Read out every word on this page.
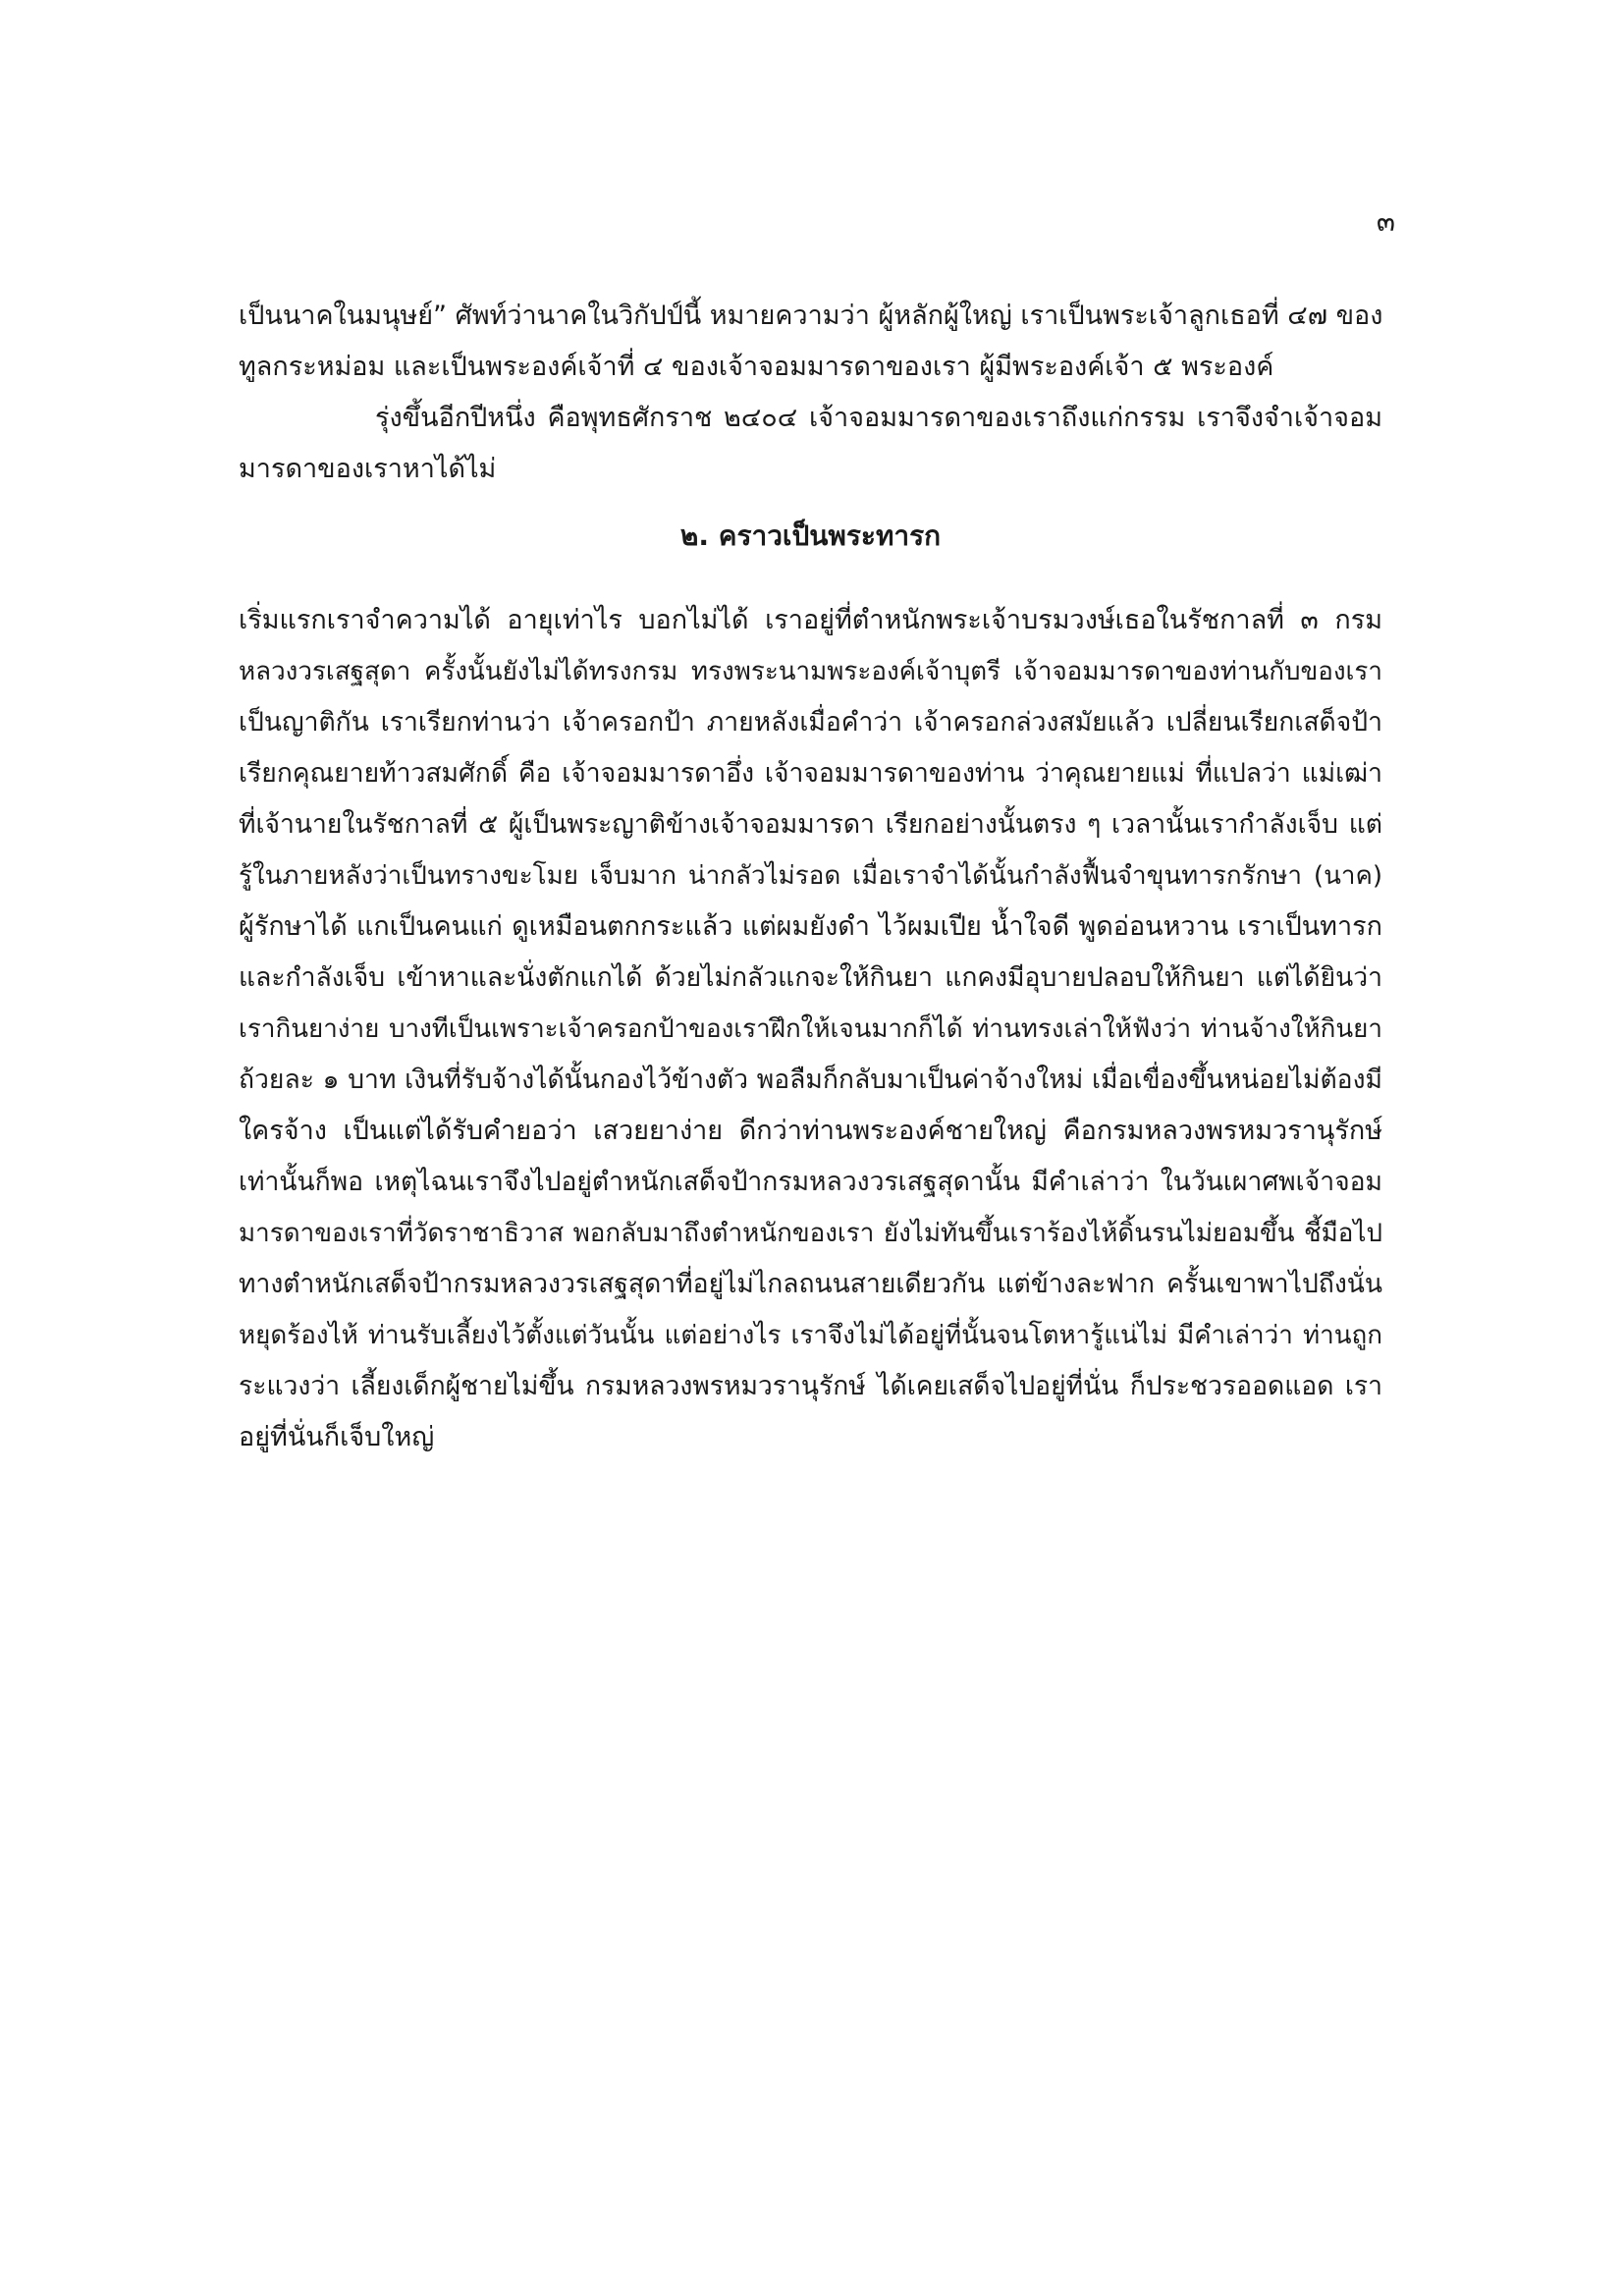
๓
เป็นนาคในมนุษย์” ศัพท์ว่านาคในวิกัปป์นี้ หมายความว่า ผู้หลักผู้ใหญ่ เราเป็นพระเจ้าลูกเธอที่ ๔๗ ของ
ทูลกระหม่อม และเป็นพระองค์เจ้าที่ ๔ ของเจ้าจอมมารดาของเรา ผู้มีพระองค์เจ้า ๕ พระองค์
รุ่งขึ้นอีกปีหนึ่ง คือพุทธศักราช ๒๔๐๔ เจ้าจอมมารดาของเราถึงแก่กรรม เราจึงจำเจ้าจอม
มารดาของเราหาได้ไม่
๒. คราวเป็นพระทารก
เริ่มแรกเราจำความได้ อายุเท่าไร บอกไม่ได้ เราอยู่ที่ตำหนักพระเจ้าบรมวงษ์เธอในรัชกาลที่ ๓ กรม
หลวงวรเสฐสุดา ครั้งนั้นยังไม่ได้ทรงกรม ทรงพระนามพระองค์เจ้าบุตรี เจ้าจอมมารดาของท่านกับของเรา
เป็นญาติกัน เราเรียกท่านว่า เจ้าครอกป้า ภายหลังเมื่อคำว่า เจ้าครอกล่วงสมัยแล้ว เปลี่ยนเรียกเสด็จป้า
เรียกคุณยายท้าวสมศักดิ์ คือ เจ้าจอมมารดาอึ่ง เจ้าจอมมารดาของท่าน ว่าคุณยายแม่ ที่แปลว่า แม่เฒ่า
ที่เจ้านายในรัชกาลที่ ๕ ผู้เป็นพระญาติข้างเจ้าจอมมารดา เรียกอย่างนั้นตรง ๆ เวลานั้นเรากำลังเจ็บ แต่
รู้ในภายหลังว่าเป็นทรางขะโมย เจ็บมาก น่ากลัวไม่รอด เมื่อเราจำได้นั้นกำลังฟื้นจำขุนทารกรักษา (นาค)
ผู้รักษาได้ แกเป็นคนแก่ ดูเหมือนตกกระแล้ว แต่ผมยังดำ ไว้ผมเปีย น้ำใจดี พูดอ่อนหวาน เราเป็นทารก
และกำลังเจ็บ เข้าหาและนั่งตักแกได้ ด้วยไม่กลัวแกจะให้กินยา แกคงมีอุบายปลอบให้กินยา แต่ได้ยินว่า
เรากินยาง่าย บางทีเป็นเพราะเจ้าครอกป้าของเราฝึกให้เจนมากก็ได้ ท่านทรงเล่าให้ฟังว่า ท่านจ้างให้กินยา
ถ้วยละ ๑ บาท เงินที่รับจ้างได้นั้นกองไว้ข้างตัว พอลืมก็กลับมาเป็นค่าจ้างใหม่ เมื่อเขื่องขึ้นหน่อยไม่ต้องมี
ใครจ้าง เป็นแต่ได้รับคำยอว่า เสวยยาง่าย ดีกว่าท่านพระองค์ชายใหญ่ คือกรมหลวงพรหมวรานุรักษ์
เท่านั้นก็พอ เหตุไฉนเราจึงไปอยู่ตำหนักเสด็จป้ากรมหลวงวรเสฐสุดานั้น มีคำเล่าว่า ในวันเผาศพเจ้าจอม
มารดาของเราที่วัดราชาธิวาส พอกลับมาถึงตำหนักของเรา ยังไม่ทันขึ้นเราร้องไห้ดิ้นรนไม่ยอมขึ้น ชี้มือไป
ทางตำหนักเสด็จป้ากรมหลวงวรเสฐสุดาที่อยู่ไม่ไกลถนนสายเดียวกัน แต่ข้างละฟาก ครั้นเขาพาไปถึงนั่น
หยุดร้องไห้ ท่านรับเลี้ยงไว้ตั้งแต่วันนั้น แต่อย่างไร เราจึงไม่ได้อยู่ที่นั้นจนโตหารู้แน่ไม่ มีคำเล่าว่า ท่านถูก
ระแวงว่า เลี้ยงเด็กผู้ชายไม่ขึ้น กรมหลวงพรหมวรานุรักษ์ ได้เคยเสด็จไปอยู่ที่นั่น ก็ประชวรออดแอด เรา
อยู่ที่นั่นก็เจ็บใหญ่
